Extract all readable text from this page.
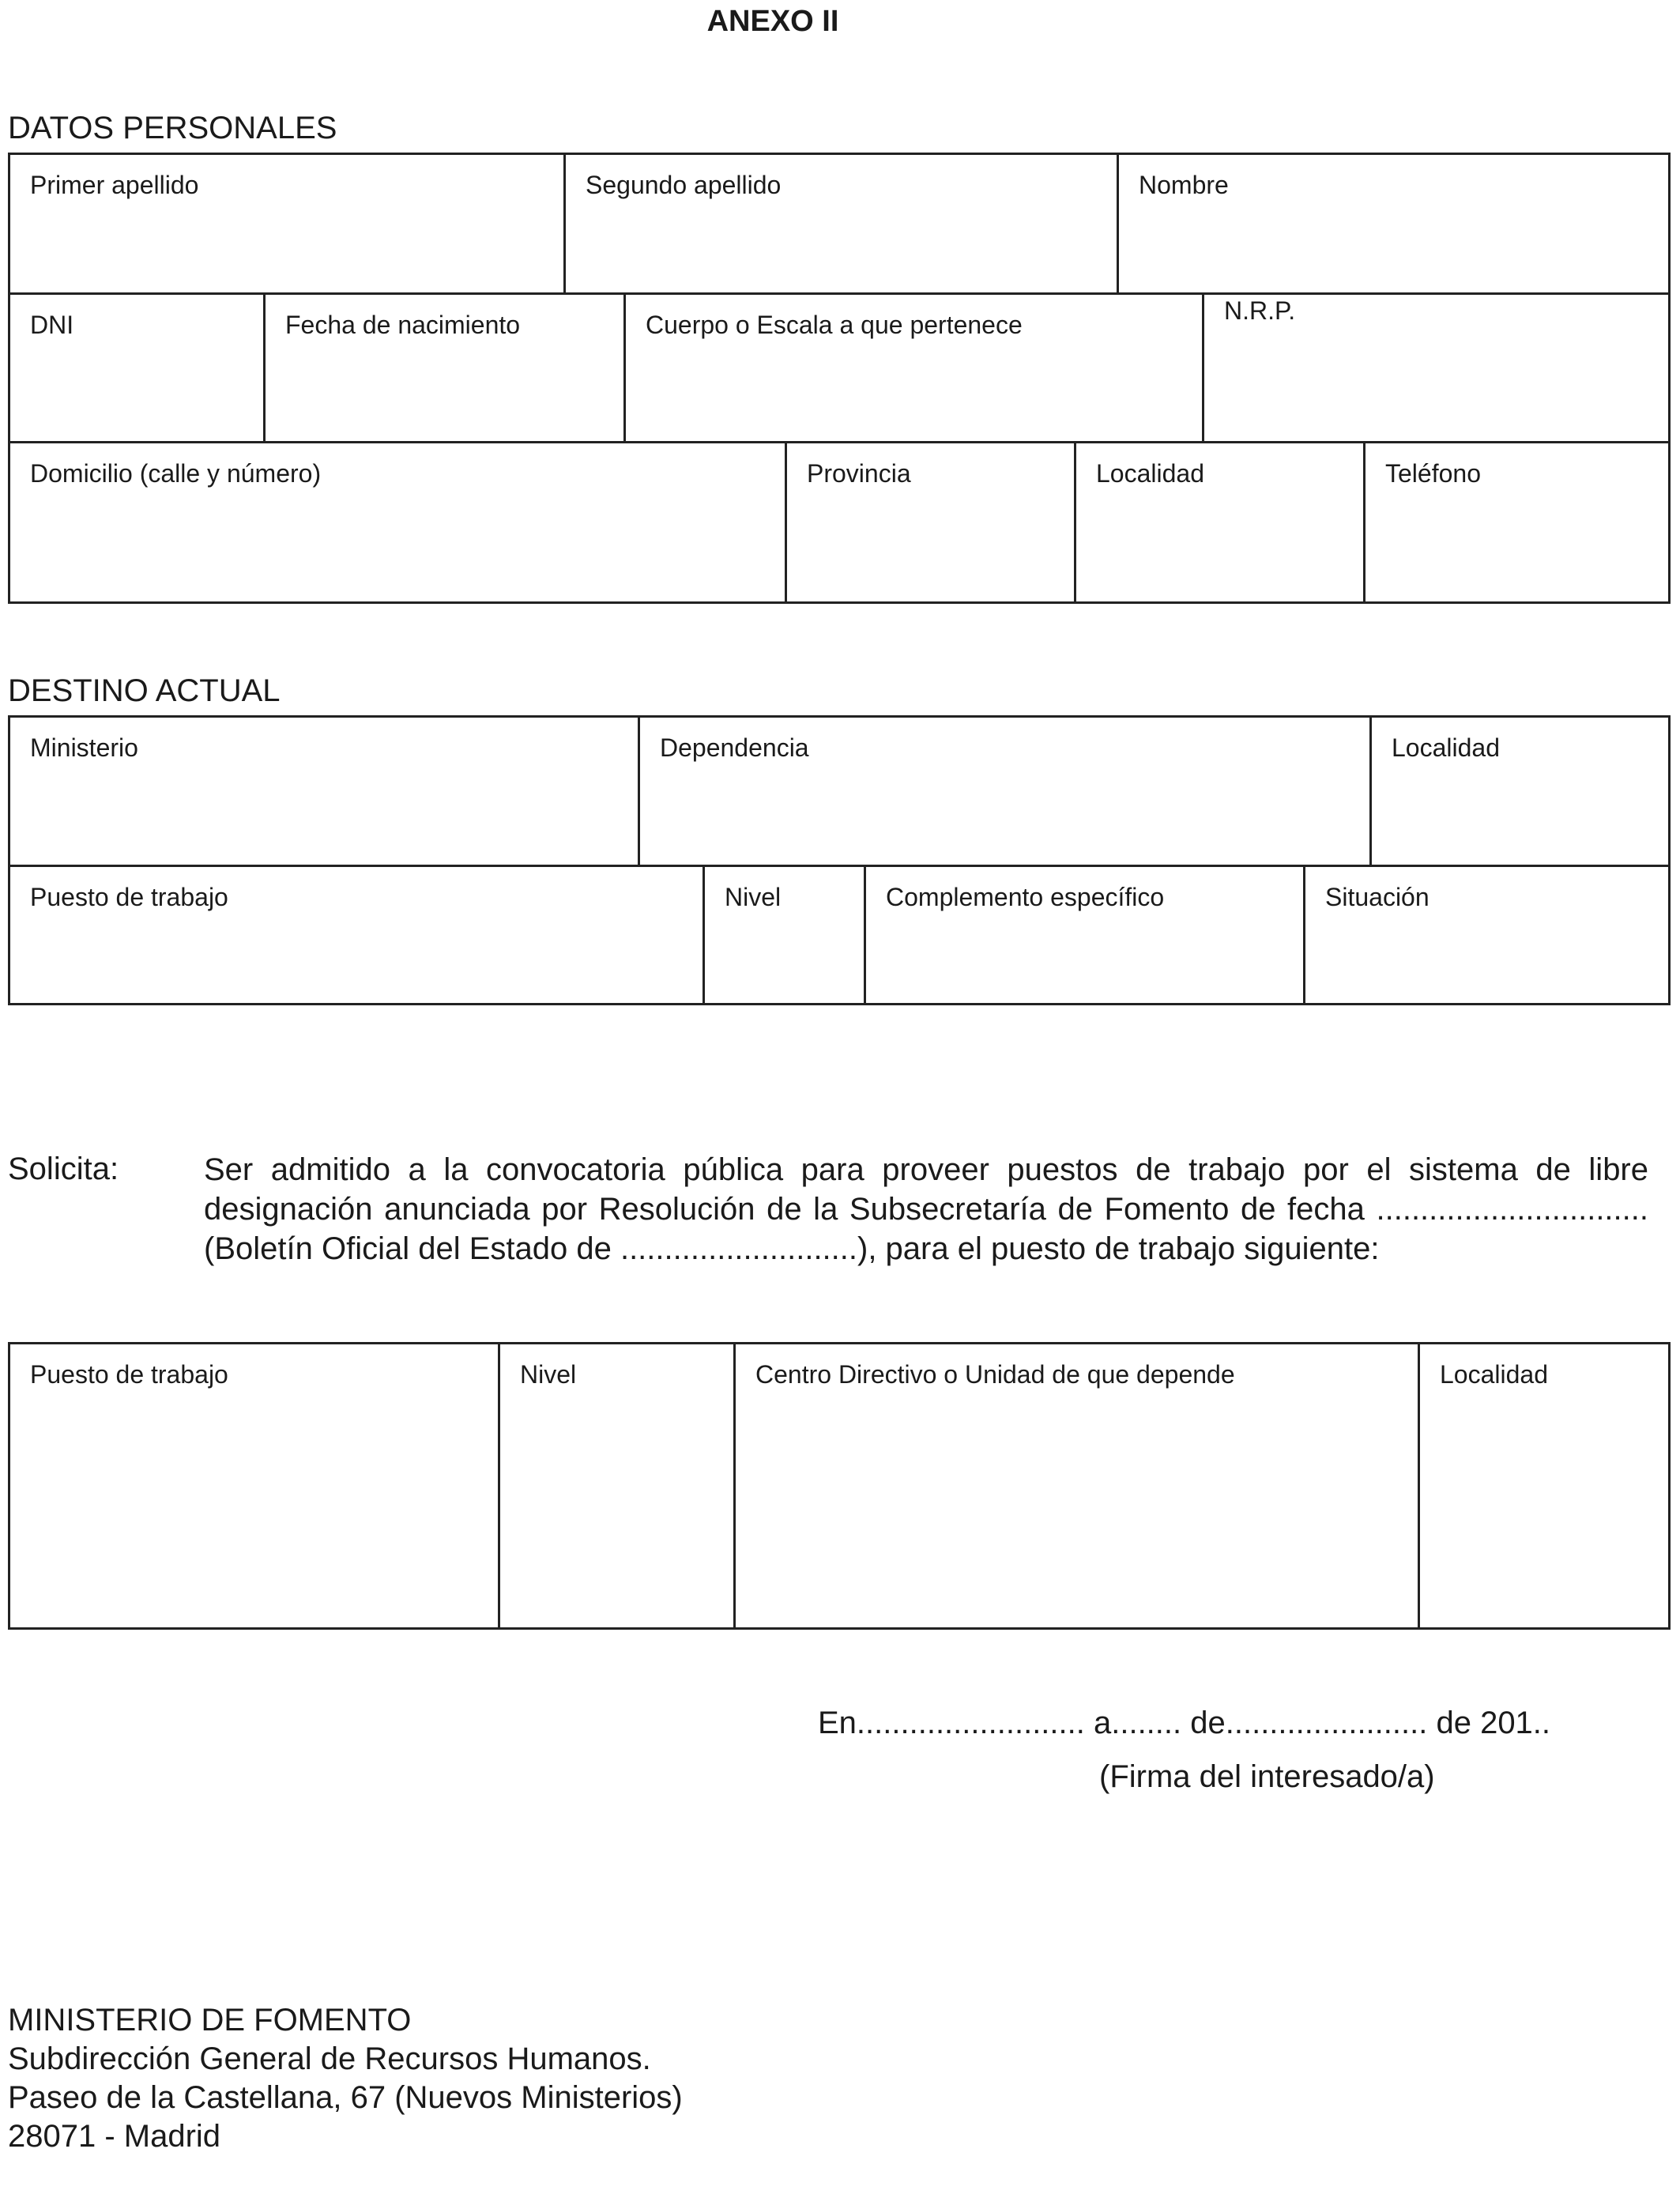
ANEXO II
DATOS PERSONALES
Primer apellido	Segundo apellido	Nombre
DNI	Fecha de nacimiento	Cuerpo o Escala a que pertenece	N.R.P.
Domicilio (calle y número)	Provincia	Localidad	Teléfono
DESTINO ACTUAL
Ministerio	Dependencia	Localidad
Puesto de trabajo	Nivel	Complemento específico	Situación
Solicita:	Ser admitido a la convocatoria pública para proveer puestos de trabajo por el sistema de libre designación anunciada por Resolución de la Subsecretaría de Fomento de fecha ............................... (Boletín Oficial del Estado de ...........................), para el puesto de trabajo siguiente:
Puesto de trabajo	Nivel	Centro Directivo o Unidad de que depende	Localidad
En.......................... a........ de....................... de 201..
(Firma del interesado/a)
MINISTERIO DE FOMENTO
Subdirección General de Recursos Humanos.
Paseo de la Castellana, 67 (Nuevos Ministerios)
28071 - Madrid
